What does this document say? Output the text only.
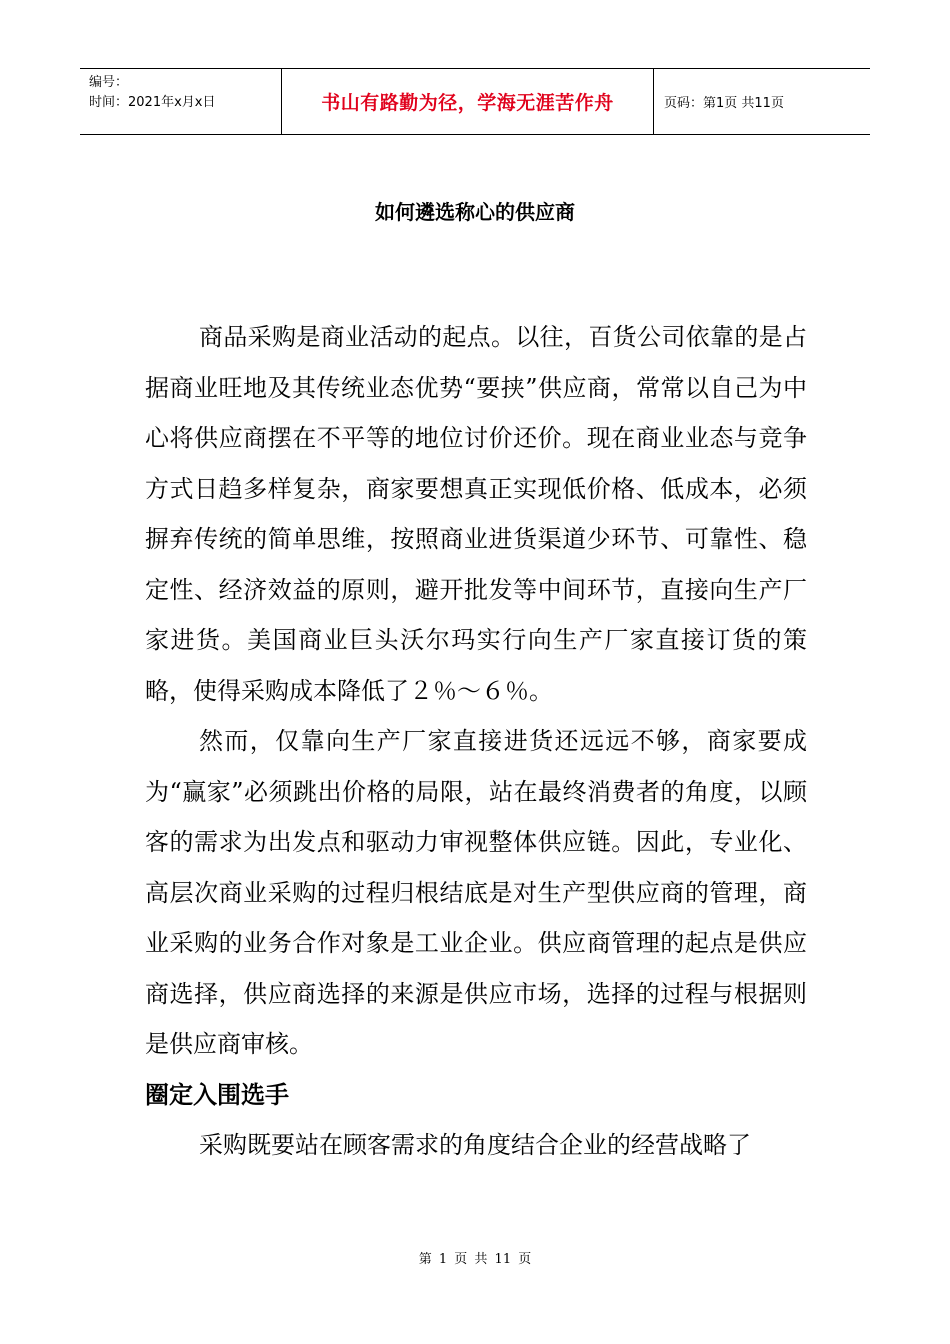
编号：
时间：2021年x月x日	书山有路勤为径，学海无涯苦作舟	页码：第1页 共11页
如何遴选称心的供应商

商品采购是商业活动的起点。以往，百货公司依靠的是占据商业旺地及其传统业态优势“要挟”供应商，常常以自己为中心将供应商摆在不平等的地位讨价还价。现在商业业态与竞争方式日趋多样复杂，商家要想真正实现低价格、低成本，必须摒弃传统的简单思维，按照商业进货渠道少环节、可靠性、稳定性、经济效益的原则，避开批发等中间环节，直接向生产厂家进货。美国商业巨头沃尔玛实行向生产厂家直接订货的策略，使得采购成本降低了２％～６％。

然而，仅靠向生产厂家直接进货还远远不够，商家要成为“赢家”必须跳出价格的局限，站在最终消费者的角度，以顾客的需求为出发点和驱动力审视整体供应链。因此，专业化、高层次商业采购的过程归根结底是对生产型供应商的管理，商业采购的业务合作对象是工业企业。供应商管理的起点是供应商选择，供应商选择的来源是供应市场，选择的过程与根据则是供应商审核。

圈定入围选手

采购既要站在顾客需求的角度结合企业的经营战略了

第 1 页 共 11 页
